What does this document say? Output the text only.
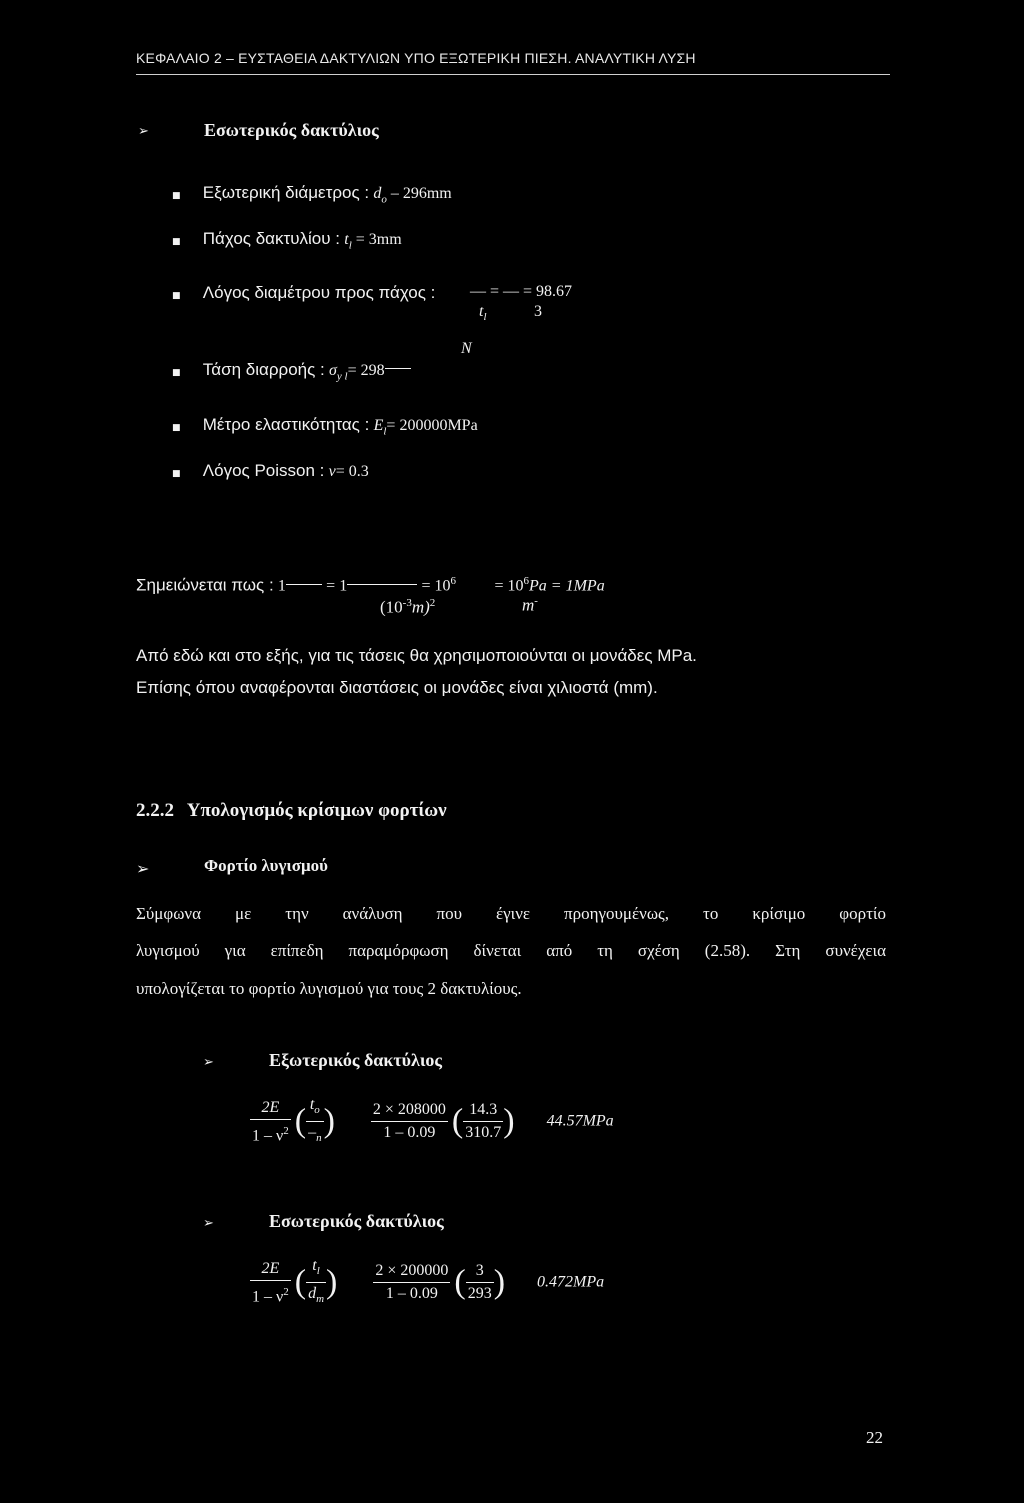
ΚΕΦΑΛΑΙΟ 2 – ΕΥΣΤΑΘΕΙΑ ΔΑΚΤΥΛΙΩΝ ΥΠΟ ΕΞΩΤΕΡΙΚΗ ΠΙΕΣΗ. ΑΝΑΛΥΤΙΚΗ ΛΥΣΗ
➢	Εσωτερικός δακτύλιος
■ Εξωτερική διάμετρος : $d_o - 296mm$
■ Πάχος δακτυλίου : $t_l = 3mm$
■ Λόγος διαμέτρου προς πάχος : — = — = 98.67
$t_l$	3
N
■ Τάση διαρροής : $\sigma_{y l}= 298$
■ Μέτρο ελαστικότητας : $E_l= 200000MPa$
■ Λόγος Poisson : ν= 0.3
Σημειώνεται πως : 1	= 1	= $10^6 = 10^6Pa = 1MPa$
$(10^{-3}m)^2$	m-
Από εδώ και στο εξής, για τις τάσεις θα χρησιμοποιούνται οι μονάδες MPa.
Επίσης όπου αναφέρονται διαστάσεις οι μονάδες είναι χιλιοστά (mm).
2.2.2 Υπολογισμός κρίσιμων φορτίων
➢	Φορτίο λυγισμού
Σύμφωνα με την ανάλυση που έγινε προηγουμένως, το κρίσιμο φορτίο
λυγισμού για επίπεδη παραμόρφωση δίνεται από τη σχέση (2.58). Στη συνέχεια
υπολογίζεται το φορτίο λυγισμού για τους 2 δακτυλίους.
➢	Εξωτερικός δακτύλιος
$\frac{2E}{1 - \nu^2}$ ( $\frac{t_o}{-_n}$ ) $\frac{2 \times 208000}{1 - 0.09}$ ( $\frac{14.3}{310.7}$ ) 44.57MPa
➢	Εσωτερικός δακτύλιος
$\frac{2E}{1 - \nu^2}$ ( $\frac{t_l}{d_m}$ ) $\frac{2 \times 200000}{1 - 0.09}$ ( $\frac{3}{293}$ ) 0.472MPa
22
